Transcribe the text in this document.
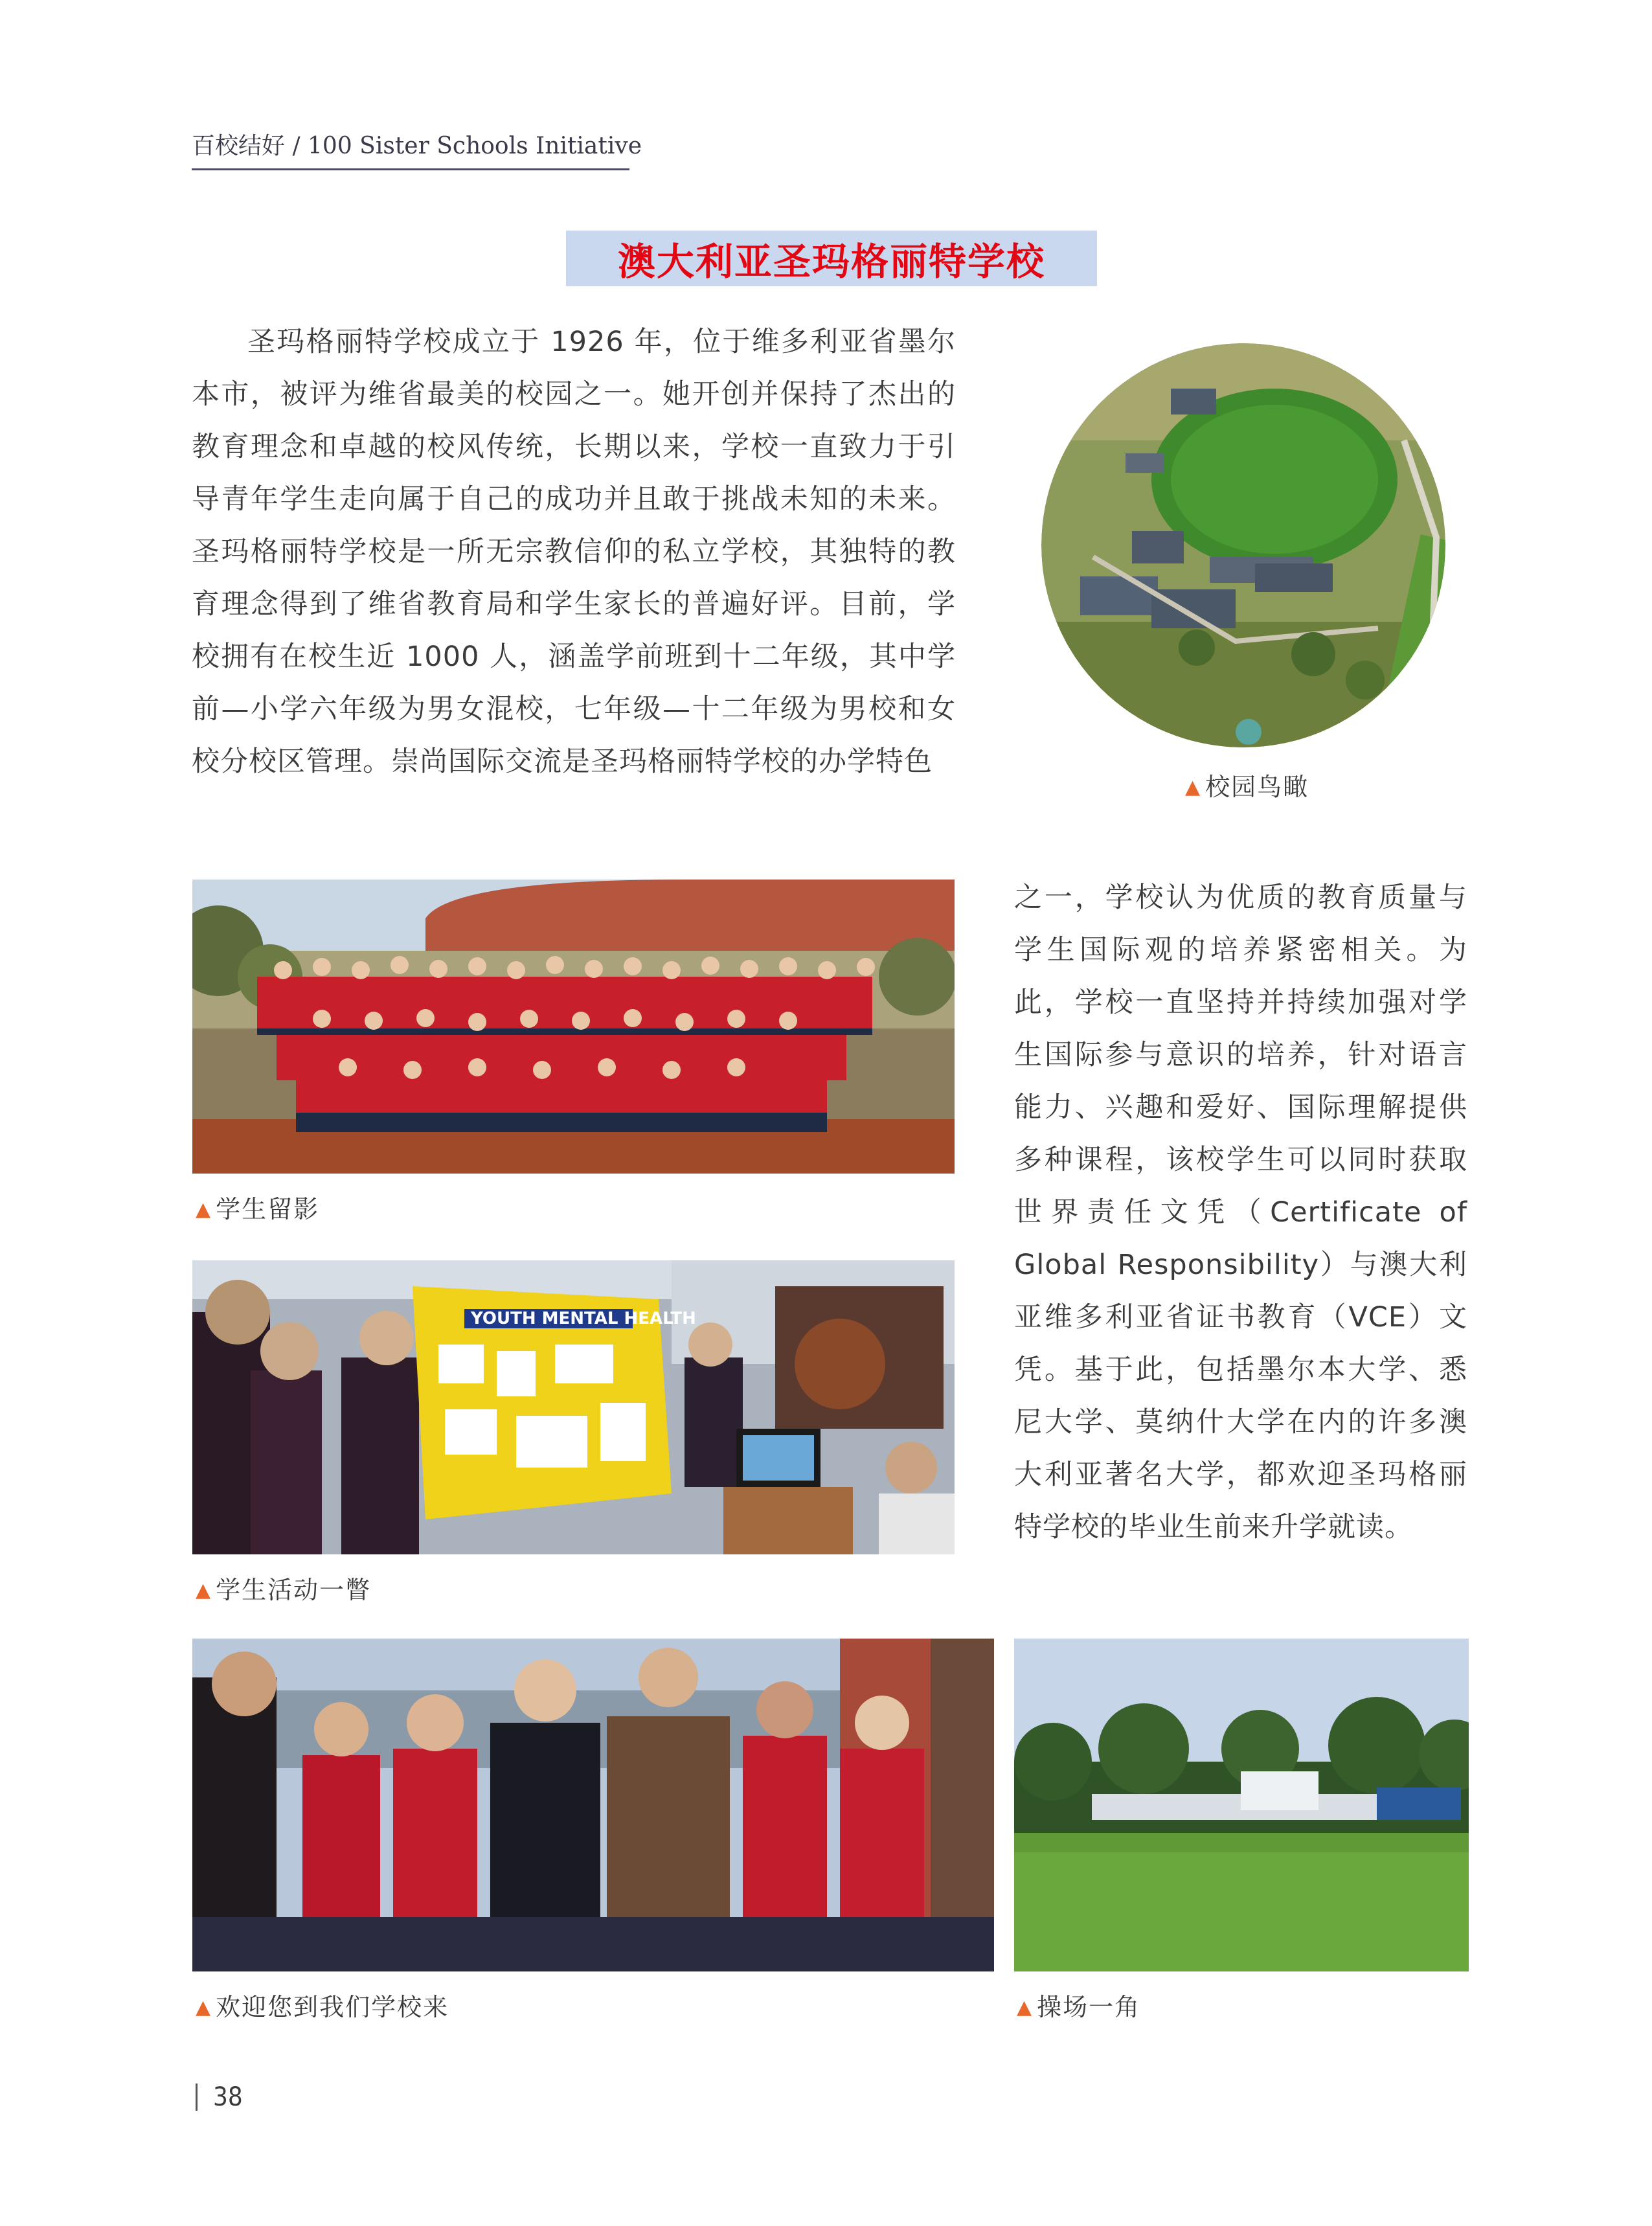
百校结好 / 100 Sister Schools Initiative
澳大利亚圣玛格丽特学校
圣玛格丽特学校成立于 1926 年，位于维多利亚省墨尔本市，被评为维省最美的校园之一。她开创并保持了杰出的教育理念和卓越的校风传统，长期以来，学校一直致力于引导青年学生走向属于自己的成功并且敢于挑战未知的未来。圣玛格丽特学校是一所无宗教信仰的私立学校，其独特的教育理念得到了维省教育局和学生家长的普遍好评。目前，学校拥有在校生近 1000 人，涵盖学前班到十二年级，其中学前—小学六年级为男女混校，七年级—十二年级为男校和女校分校区管理。崇尚国际交流是圣玛格丽特学校的办学特色
▲ 校园鸟瞰
▲ 学生留影
YOUTH MENTAL HEALTH
▲ 学生活动一瞥
之一，学校认为优质的教育质量与学生国际观的培养紧密相关。为此，学校一直坚持并持续加强对学生国际参与意识的培养，针对语言能力、兴趣和爱好、国际理解提供多种课程，该校学生可以同时获取世界责任文凭（Certificate of Global Responsibility）与澳大利亚维多利亚省证书教育（VCE）文凭。基于此，包括墨尔本大学、悉尼大学、莫纳什大学在内的许多澳大利亚著名大学，都欢迎圣玛格丽特学校的毕业生前来升学就读。
▲ 欢迎您到我们学校来	▲ 操场一角
38
